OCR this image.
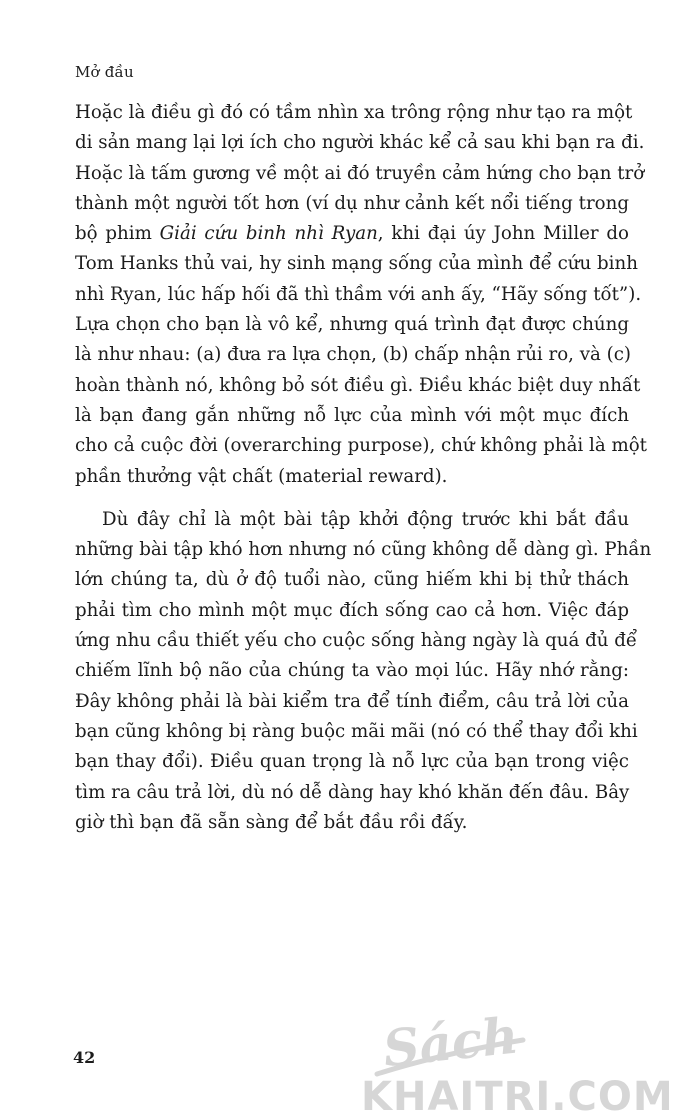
Mở đầu
Hoặc là điều gì đó có tầm nhìn xa trông rộng như tạo ra một
di sản mang lại lợi ích cho người khác kể cả sau khi bạn ra đi.
Hoặc là tấm gương về một ai đó truyền cảm hứng cho bạn trở
thành một người tốt hơn (ví dụ như cảnh kết nổi tiếng trong
bộ phim Giải cứu binh nhì Ryan, khi đại úy John Miller do
Tom Hanks thủ vai, hy sinh mạng sống của mình để cứu binh
nhì Ryan, lúc hấp hối đã thì thầm với anh ấy, “Hãy sống tốt”).
Lựa chọn cho bạn là vô kể, nhưng quá trình đạt được chúng
là như nhau: (a) đưa ra lựa chọn, (b) chấp nhận rủi ro, và (c)
hoàn thành nó, không bỏ sót điều gì. Điều khác biệt duy nhất
là bạn đang gắn những nỗ lực của mình với một mục đích
cho cả cuộc đời (overarching purpose), chứ không phải là một
phần thưởng vật chất (material reward).
Dù đây chỉ là một bài tập khởi động trước khi bắt đầu
những bài tập khó hơn nhưng nó cũng không dễ dàng gì. Phần
lớn chúng ta, dù ở độ tuổi nào, cũng hiếm khi bị thử thách
phải tìm cho mình một mục đích sống cao cả hơn. Việc đáp
ứng nhu cầu thiết yếu cho cuộc sống hàng ngày là quá đủ để
chiếm lĩnh bộ não của chúng ta vào mọi lúc. Hãy nhớ rằng:
Đây không phải là bài kiểm tra để tính điểm, câu trả lời của
bạn cũng không bị ràng buộc mãi mãi (nó có thể thay đổi khi
bạn thay đổi). Điều quan trọng là nỗ lực của bạn trong việc
tìm ra câu trả lời, dù nó dễ dàng hay khó khăn đến đâu. Bây
giờ thì bạn đã sẵn sàng để bắt đầu rồi đấy.
42	Sách
KHAITRI.COM
